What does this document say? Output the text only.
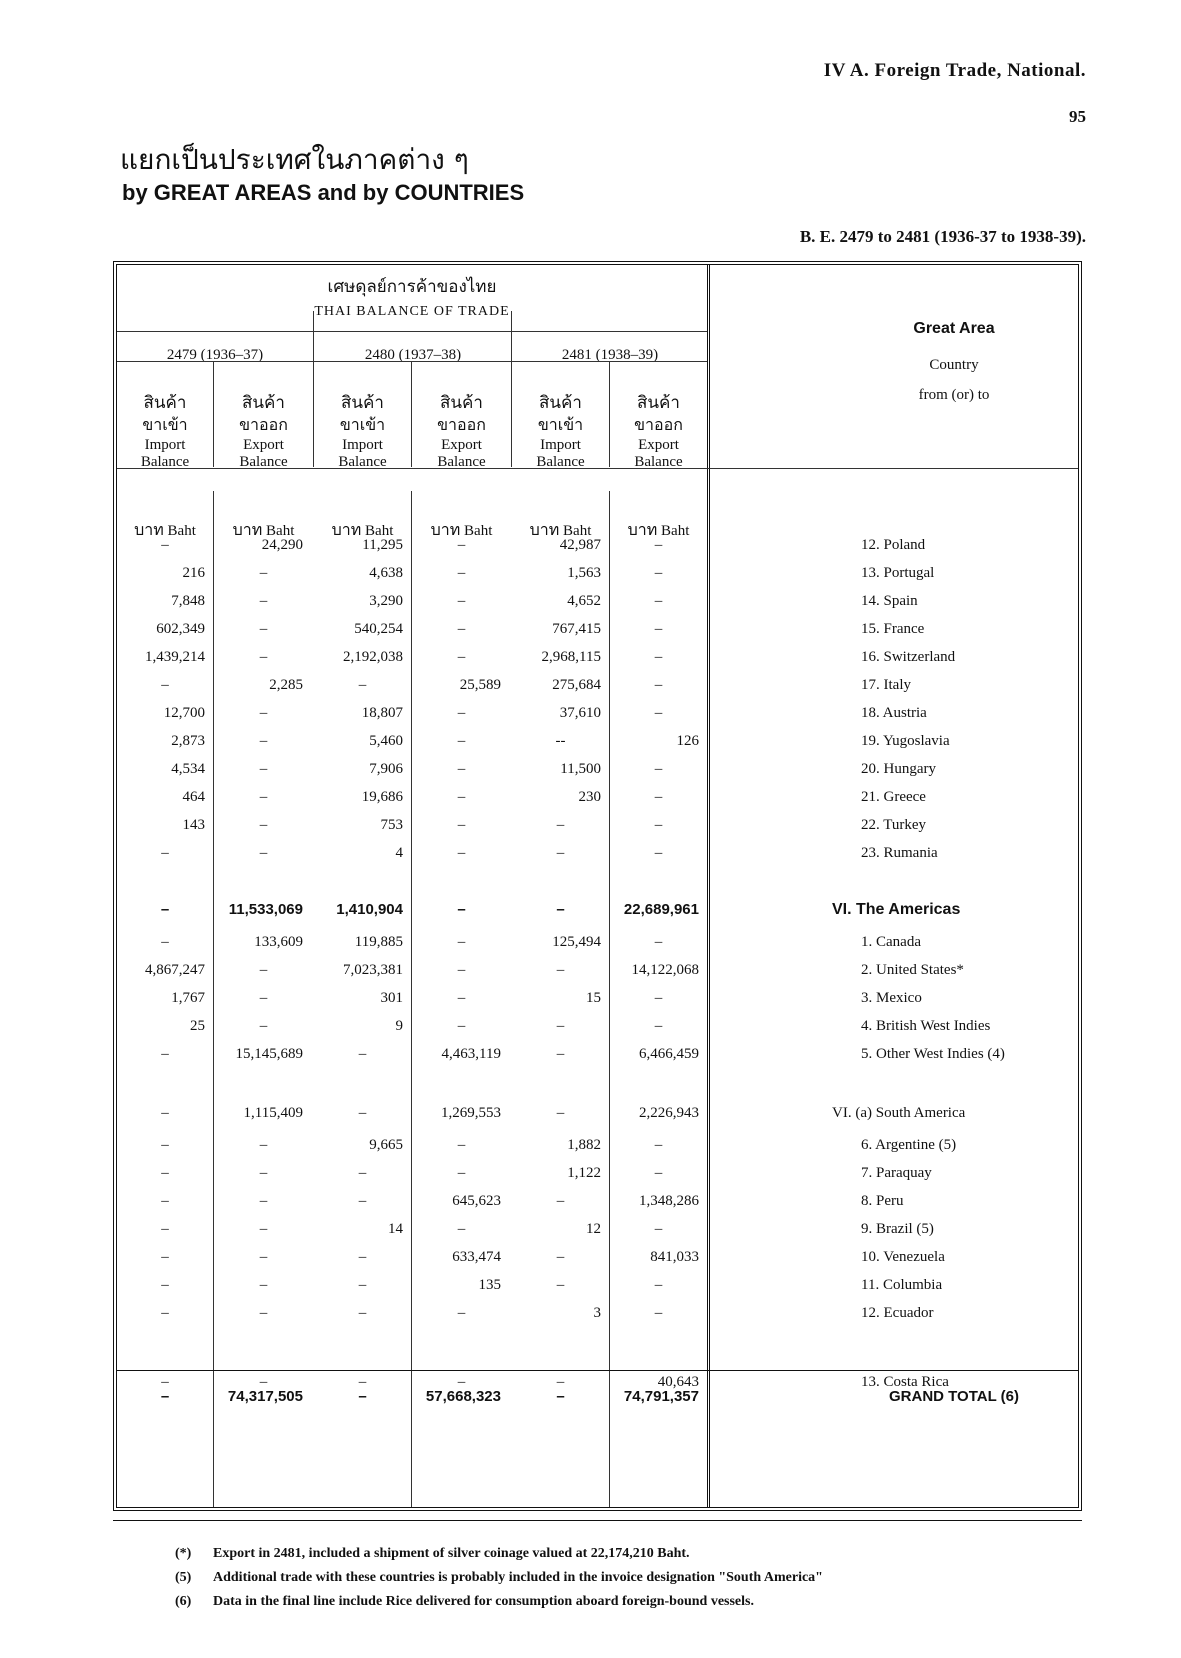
IV A. Foreign Trade, National.
95
แยกเป็นประเทศในภาคต่าง ๆ
by GREAT AREAS and by COUNTRIES
B. E. 2479 to 2481 (1936-37 to 1938-39).
เศษดุลย์การค้าของไทย
THAI BALANCE OF TRADE
2479 (1936–37)	2480 (1937–38)	2481 (1938–39)
สินค้า
ขาเข้า
Import
Balance
สินค้า
ขาออก
Export
Balance
สินค้า
ขาเข้า
Import
Balance
สินค้า
ขาออก
Export
Balance
สินค้า
ขาเข้า
Import
Balance
สินค้า
ขาออก
Export
Balance
Great Area
Country
from (or) to
บาท Baht	บาท Baht	บาท Baht	บาท Baht	บาท Baht	บาท Baht
–	24,290	11,295	–	42,987	–	12. Poland
216	–	4,638	–	1,563	–	13. Portugal
7,848	–	3,290	–	4,652	–	14. Spain
602,349	–	540,254	–	767,415	–	15. France
1,439,214	–	2,192,038	–	2,968,115	–	16. Switzerland
–	2,285	–	25,589	275,684	–	17. Italy
12,700	–	18,807	–	37,610	–	18. Austria
2,873	–	5,460	–	--	126	19. Yugoslavia
4,534	–	7,906	–	11,500	–	20. Hungary
464	–	19,686	–	230	–	21. Greece
143	–	753	–	–	–	22. Turkey
–	–	4	–	–	–	23. Rumania
–	11,533,069	1,410,904	–	–	22,689,961	VI. The Americas
–	133,609	119,885	–	125,494	–	1. Canada
4,867,247	–	7,023,381	–	–	14,122,068	2. United States*
1,767	–	301	–	15	–	3. Mexico
25	–	9	–	–	–	4. British West Indies
–	15,145,689	–	4,463,119	–	6,466,459	5. Other West Indies (4)
–	1,115,409	–	1,269,553	–	2,226,943	VI. (a) South America
–	–	9,665	–	1,882	–	6. Argentine (5)
–	–	–	–	1,122	–	7. Paraquay
–	–	–	645,623	–	1,348,286	8. Peru
–	–	14	–	12	–	9. Brazil (5)
–	–	–	633,474	–	841,033	10. Venezuela
–	–	–	135	–	–	11. Columbia
–	–	–	–	3	–	12. Ecuador
–	–	–	–	–	40,643	13. Costa Rica
–	74,317,505	–	57,668,323	–	74,791,357	GRAND TOTAL (6)
(*)	Export in 2481, included a shipment of silver coinage valued at 22,174,210 Baht.
(5)	Additional trade with these countries is probably included in the invoice designation "South America"
(6)	Data in the final line include Rice delivered for consumption aboard foreign-bound vessels.
